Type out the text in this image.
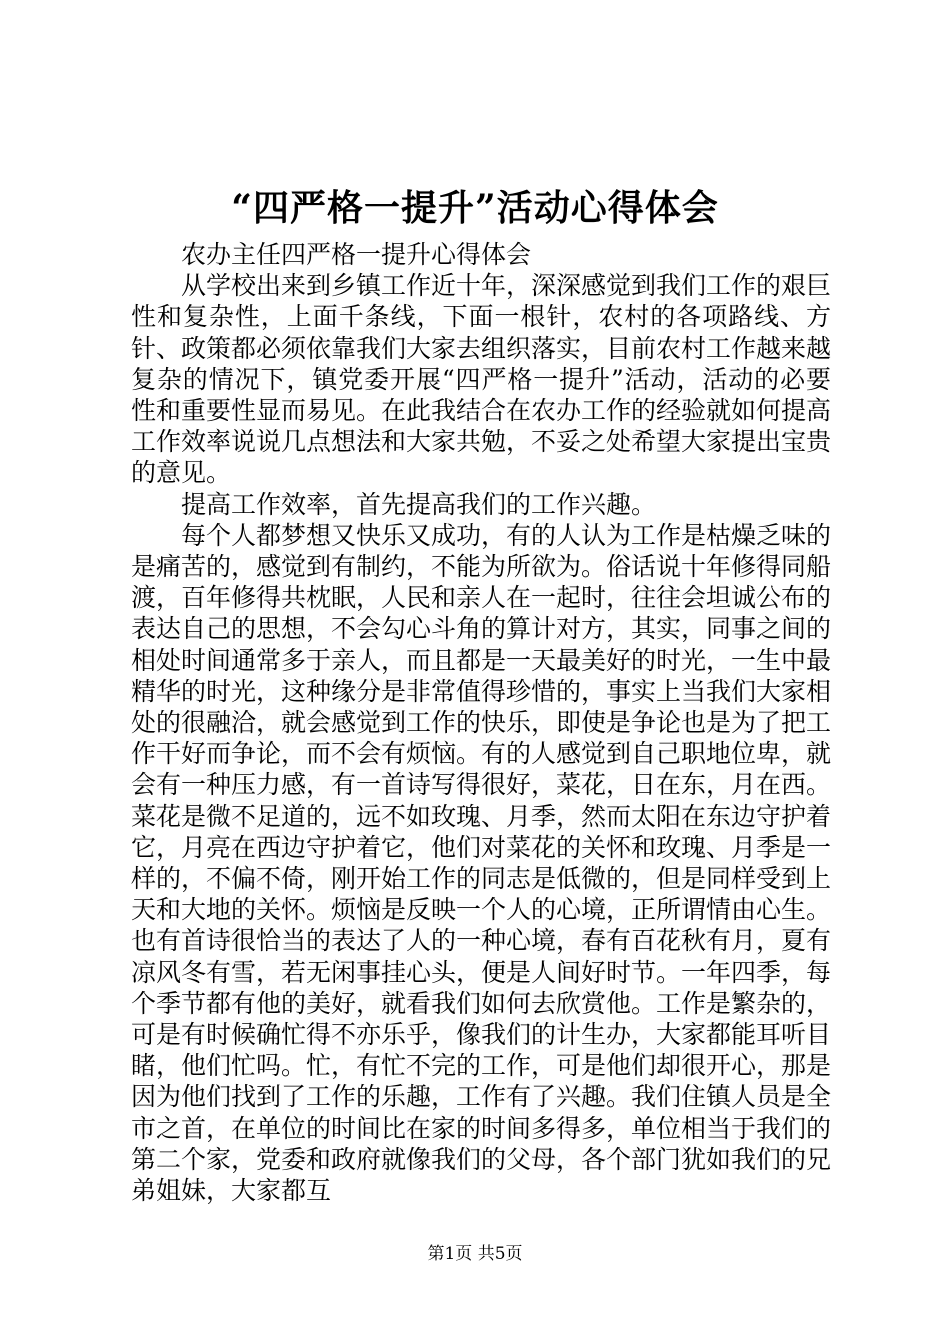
“四严格一提升”活动心得体会

农办主任四严格一提升心得体会

从学校出来到乡镇工作近十年，深深感觉到我们工作的艰巨性和复杂性，上面千条线，下面一根针，农村的各项路线、方针、政策都必须依靠我们大家去组织落实，目前农村工作越来越复杂的情况下，镇党委开展“四严格一提升”活动，活动的必要性和重要性显而易见。在此我结合在农办工作的经验就如何提高工作效率说说几点想法和大家共勉，不妥之处希望大家提出宝贵的意见。

提高工作效率，首先提高我们的工作兴趣。

每个人都梦想又快乐又成功，有的人认为工作是枯燥乏味的是痛苦的，感觉到有制约，不能为所欲为。俗话说十年修得同船渡，百年修得共枕眠，人民和亲人在一起时，往往会坦诚公布的表达自己的思想，不会勾心斗角的算计对方，其实，同事之间的相处时间通常多于亲人，而且都是一天最美好的时光，一生中最精华的时光，这种缘分是非常值得珍惜的，事实上当我们大家相处的很融洽，就会感觉到工作的快乐，即使是争论也是为了把工作干好而争论，而不会有烦恼。有的人感觉到自己职地位卑，就会有一种压力感，有一首诗写得很好，菜花，日在东，月在西。菜花是微不足道的，远不如玫瑰、月季，然而太阳在东边守护着它，月亮在西边守护着它，他们对菜花的关怀和玫瑰、月季是一样的，不偏不倚，刚开始工作的同志是低微的，但是同样受到上天和大地的关怀。烦恼是反映一个人的心境，正所谓情由心生。也有首诗很恰当的表达了人的一种心境，春有百花秋有月，夏有凉风冬有雪，若无闲事挂心头，便是人间好时节。一年四季，每个季节都有他的美好，就看我们如何去欣赏他。工作是繁杂的，可是有时候确忙得不亦乐乎，像我们的计生办，大家都能耳听目睹，他们忙吗。忙，有忙不完的工作，可是他们却很开心，那是因为他们找到了工作的乐趣，工作有了兴趣。我们住镇人员是全市之首，在单位的时间比在家的时间多得多，单位相当于我们的第二个家，党委和政府就像我们的父母，各个部门犹如我们的兄弟姐妹，大家都互

第1页 共5页
